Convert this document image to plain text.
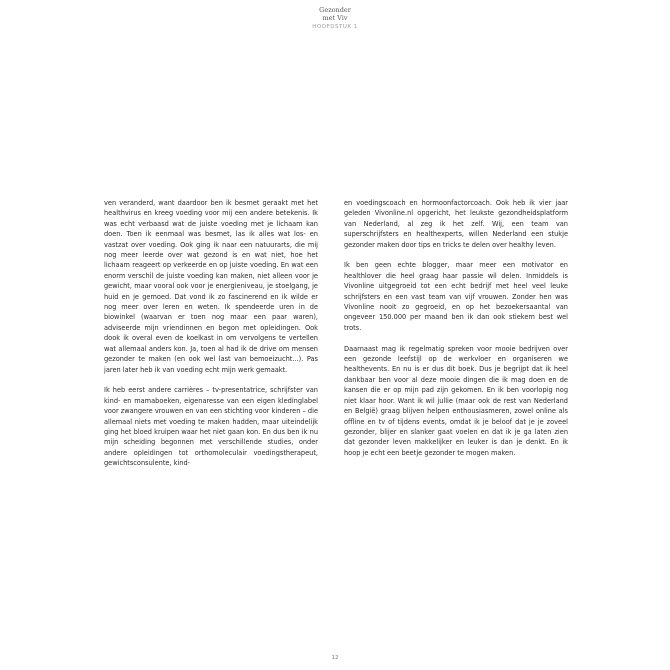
Gezonder
met Viv
HOOFDSTUK 1

ven veranderd, want daardoor ben ik besmet geraakt met het healthvirus en kreeg voeding voor mij een andere betekenis. Ik was echt verbaasd wat de juiste voeding met je lichaam kan doen. Toen ik eenmaal was besmet, las ik alles wat los- en vastzat over voeding. Ook ging ik naar een natuurarts, die mij nog meer leerde over wat gezond is en wat niet, hoe het lichaam reageert op verkeerde en op juiste voeding. En wat een enorm verschil de juiste voeding kan maken, niet alleen voor je gewicht, maar vooral ook voor je energieniveau, je stoelgang, je huid en je gemoed. Dat vond ik zo fascinerend en ik wilde er nog meer over leren en weten. Ik spendeerde uren in de biowinkel (waarvan er toen nog maar een paar waren), adviseerde mijn vriendinnen en begon met opleidingen. Ook dook ik overal even de koelkast in om vervolgens te vertellen wat allemaal anders kon. Ja, toen al had ik de drive om mensen gezonder te maken (en ook wel last van bemoeizucht...). Pas jaren later heb ik van voeding echt mijn werk gemaakt.

Ik heb eerst andere carrières – tv-presentatrice, schrijfster van kind- en mamaboeken, eigenaresse van een eigen kledinglabel voor zwangere vrouwen en van een stichting voor kinderen – die allemaal niets met voeding te maken hadden, maar uiteindelijk ging het bloed kruipen waar het niet gaan kon. En dus ben ik nu mijn scheiding begonnen met verschillende studies, onder andere opleidingen tot orthomoleculair voedingstherapeut, gewichtsconsulente, kind-

en voedingscoach en hormoonfactorcoach. Ook heb ik vier jaar geleden Vivonline.nl opgericht, het leukste gezondheidsplatform van Nederland, al zeg ik het zelf. Wij, een team van superschrijfsters en healthexperts, willen Nederland een stukje gezonder maken door tips en tricks te delen over healthy leven.

Ik ben geen echte blogger, maar meer een motivator en healthlover die heel graag haar passie wil delen. Inmiddels is Vivonline uitgegroeid tot een echt bedrijf met heel veel leuke schrijfsters en een vast team van vijf vrouwen. Zonder hen was Vivonline nooit zo gegroeid, en op het bezoekersaantal van ongeveer 150.000 per maand ben ik dan ook stiekem best wel trots.

Daarnaast mag ik regelmatig spreken voor mooie bedrijven over een gezonde leefstijl op de werkvloer en organiseren we healthevents. En nu is er dus dit boek. Dus je begrijpt dat ik heel dankbaar ben voor al deze mooie dingen die ik mag doen en de kansen die er op mijn pad zijn gekomen. En ik ben voorlopig nog niet klaar hoor. Want ik wil jullie (maar ook de rest van Nederland en België) graag blijven helpen enthousiasmeren, zowel online als offline en tv of tijdens events, omdat ik je beloof dat je je zoveel gezonder, blijer en slanker gaat voelen en dat ik je ga laten zien dat gezonder leven makkelijker en leuker is dan je denkt. En ik hoop je echt een beetje gezonder te mogen maken.

12
